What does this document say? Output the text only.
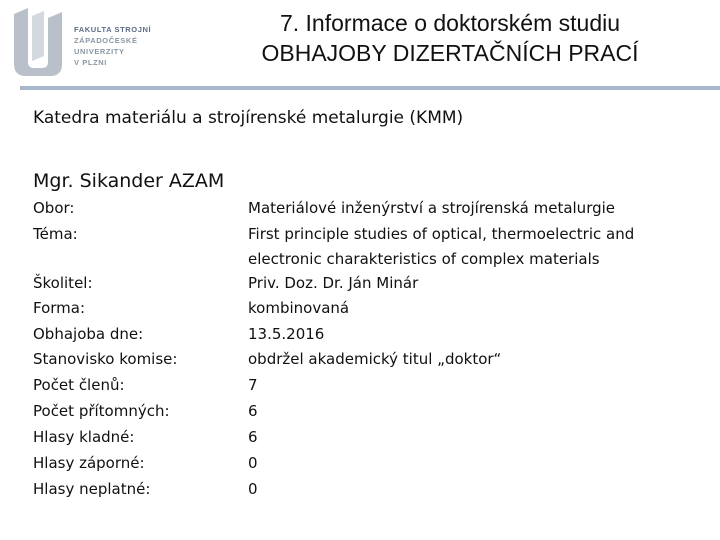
FAKULTA STROJNÍ
ZÁPADOČESKÉ
UNIVERZITY
V PLZNI
7. Informace o doktorském studiu
OBHAJOBY DIZERTAČNÍCH PRACÍ
Katedra materiálu a strojírenské metalurgie (KMM)
Mgr. Sikander AZAM
Obor:	Materiálové inženýrství a strojírenská metalurgie
Téma:	First principle studies of optical, thermoelectric and electronic charakteristics of complex materials
Školitel:	Priv. Doz. Dr. Ján Minár
Forma:	kombinovaná
Obhajoba dne:	13.5.2016
Stanovisko komise:	obdržel akademický titul „doktor“
Počet členů:	7
Počet přítomných:	6
Hlasy kladné:	6
Hlasy záporné:	0
Hlasy neplatné:	0
